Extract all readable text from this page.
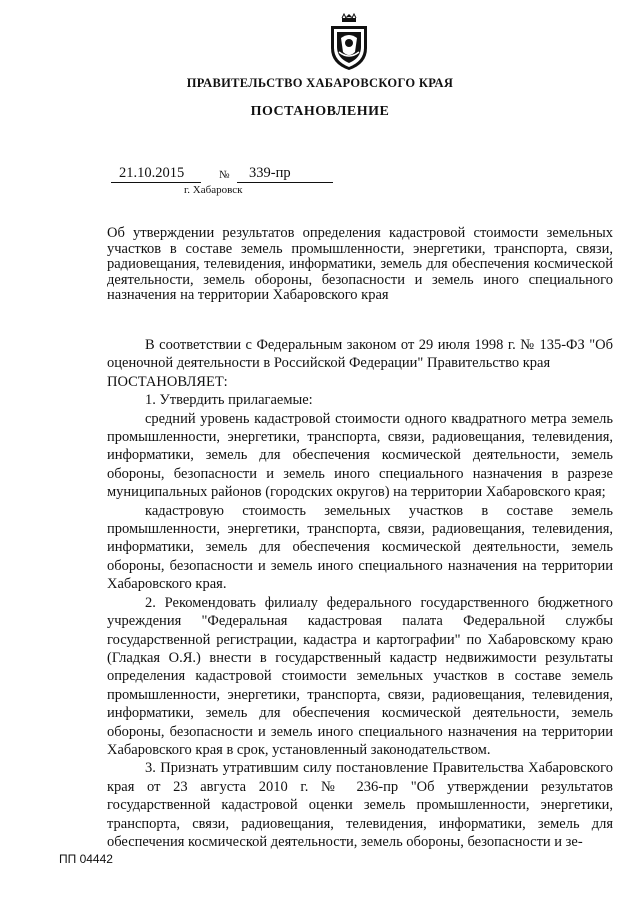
ПРАВИТЕЛЬСТВО ХАБАРОВСКОГО КРАЯ
ПОСТАНОВЛЕНИЕ
21.10.2015	№	339-пр
г. Хабаровск
Об утверждении результатов определения кадастровой стоимости земельных участков в составе земель промышленности, энергетики, транспорта, связи, радиовещания, телевидения, информатики, земель для обеспечения космической деятельности, земель обороны, безопасности и земель иного специального назначения на территории Хабаровского края

В соответствии с Федеральным законом от 29 июля 1998 г. № 135-ФЗ "Об оценочной деятельности в Российской Федерации" Правительство края

ПОСТАНОВЛЯЕТ:

1. Утвердить прилагаемые:

средний уровень кадастровой стоимости одного квадратного метра земель промышленности, энергетики, транспорта, связи, радиовещания, телевидения, информатики, земель для обеспечения космической деятельности, земель обороны, безопасности и земель иного специального назначения в разрезе муниципальных районов (городских округов) на территории Хабаровского края;

кадастровую стоимость земельных участков в составе земель промышленности, энергетики, транспорта, связи, радиовещания, телевидения, информатики, земель для обеспечения космической деятельности, земель обороны, безопасности и земель иного специального назначения на территории Хабаровского края.

2. Рекомендовать филиалу федерального государственного бюджетного учреждения "Федеральная кадастровая палата Федеральной службы государственной регистрации, кадастра и картографии" по Хабаровскому краю (Гладкая О.Я.) внести в государственный кадастр недвижимости результаты определения кадастровой стоимости земельных участков в составе земель промышленности, энергетики, транспорта, связи, радиовещания, телевидения, информатики, земель для обеспечения космической деятельности, земель обороны, безопасности и земель иного специального назначения на территории Хабаровского края в срок, установленный законодательством.

3. Признать утратившим силу постановление Правительства Хабаровского края от 23 августа 2010 г. № 236-пр "Об утверждении результатов государственной кадастровой оценки земель промышленности, энергетики, транспорта, связи, радиовещания, телевидения, информатики, земель для обеспечения космической деятельности, земель обороны, безопасности и зе-

ПП 04442
